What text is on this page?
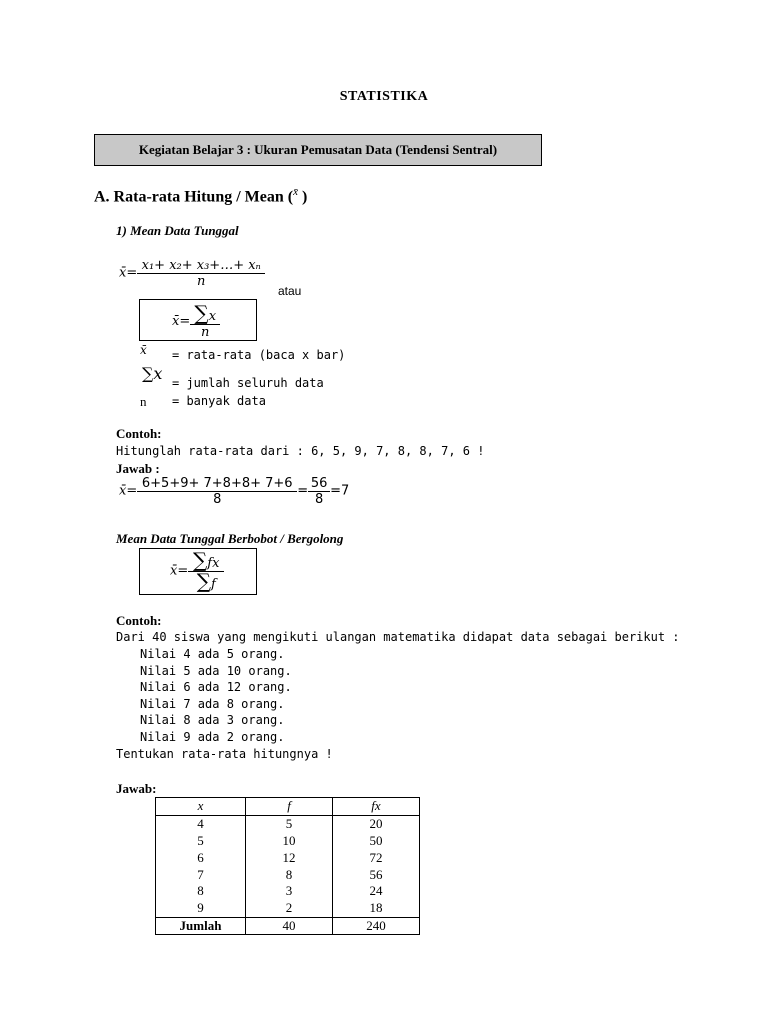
STATISTIKA
Kegiatan Belajar 3 : Ukuran Pemusatan Data (Tendensi Sentral)
A. Rata-rata Hitung / Mean ($^{x̄}$ )
1) Mean Data Tunggal
x̄= $\frac{\text{x₁+ x₂+ x₃+…+ xₙ}}{n}$
atau
x̄= $\frac{\sum x}{n}$
x̄ = rata-rata (baca x bar)
∑x = jumlah seluruh data
n = banyak data
Contoh:
Hitunglah rata-rata dari : 6, 5, 9, 7, 8, 8, 7, 6 !
Jawab :
x̄= $\frac{6+5+9+ 7+8+8+ 7+6}{8} = \frac{56}{8} =7$
Mean Data Tunggal Berbobot / Bergolong
x̄= $\frac{\sum fx}{\sum f}$
Contoh:
Dari 40 siswa yang mengikuti ulangan matematika didapat data sebagai berikut :
Nilai 4 ada 5 orang.
Nilai 5 ada 10 orang.
Nilai 6 ada 12 orang.
Nilai 7 ada 8 orang.
Nilai 8 ada 3 orang.
Nilai 9 ada 2 orang.
Tentukan rata-rata hitungnya !
Jawab:
x	f	fx
4	5	20
5	10	50
6	12	72
7	8	56
8	3	24
9	2	18
Jumlah	40	240
